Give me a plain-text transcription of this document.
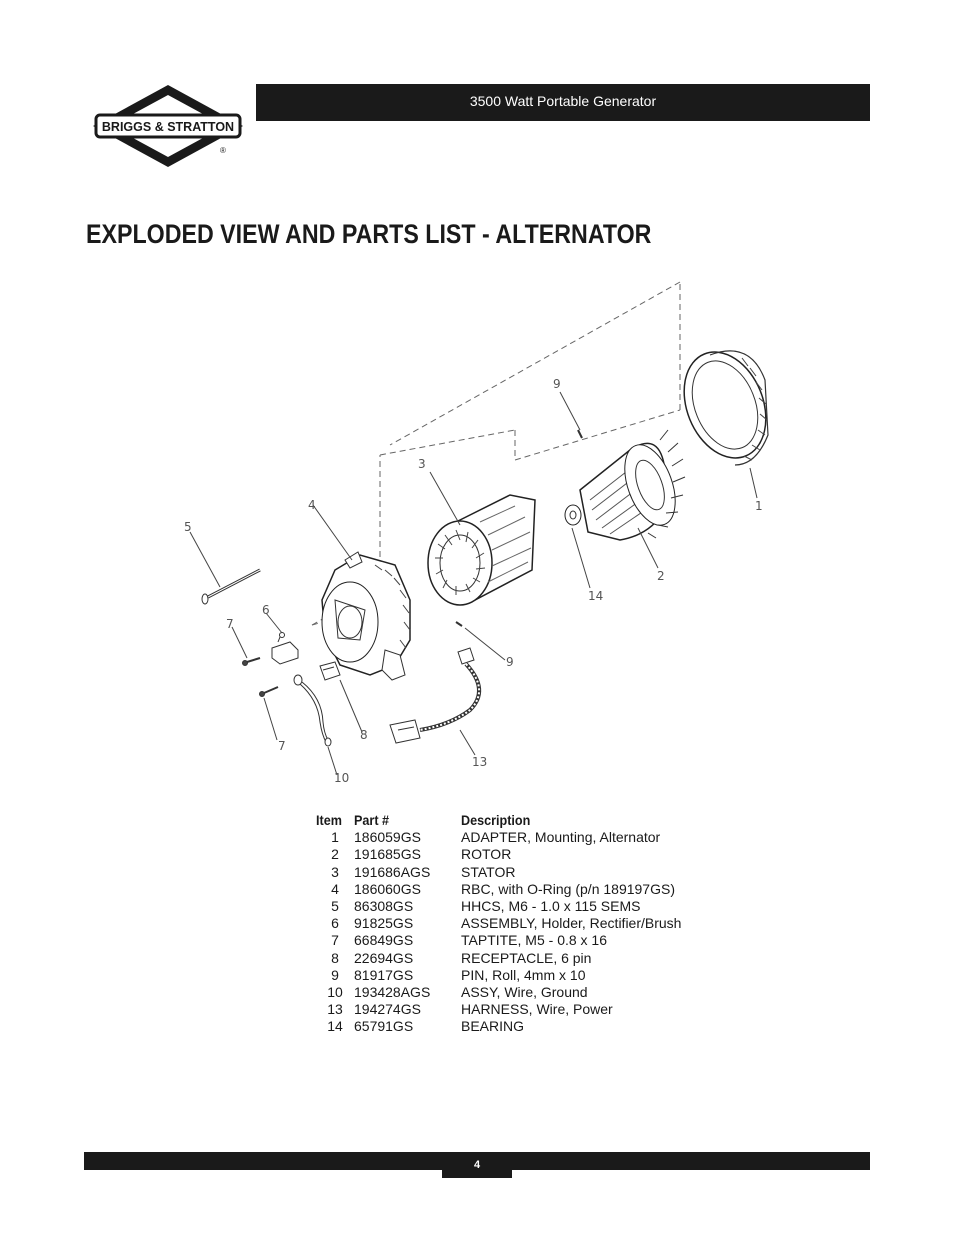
3500 Watt Portable Generator
BRIGGS & STRATTON
®
EXPLODED VIEW AND PARTS LIST - ALTERNATOR
1
2
3
4
5
6
7
7
8
9
9
10
13
14
Item	Part #	Description
1	186059GS	ADAPTER, Mounting, Alternator
2	191685GS	ROTOR
3	191686AGS	STATOR
4	186060GS	RBC, with O-Ring (p/n 189197GS)
5	86308GS	HHCS, M6 - 1.0 x 115 SEMS
6	91825GS	ASSEMBLY, Holder, Rectifier/Brush
7	66849GS	TAPTITE, M5 - 0.8 x 16
8	22694GS	RECEPTACLE, 6 pin
9	81917GS	PIN, Roll, 4mm x 10
10	193428AGS	ASSY, Wire, Ground
13	194274GS	HARNESS, Wire, Power
14	65791GS	BEARING
4
